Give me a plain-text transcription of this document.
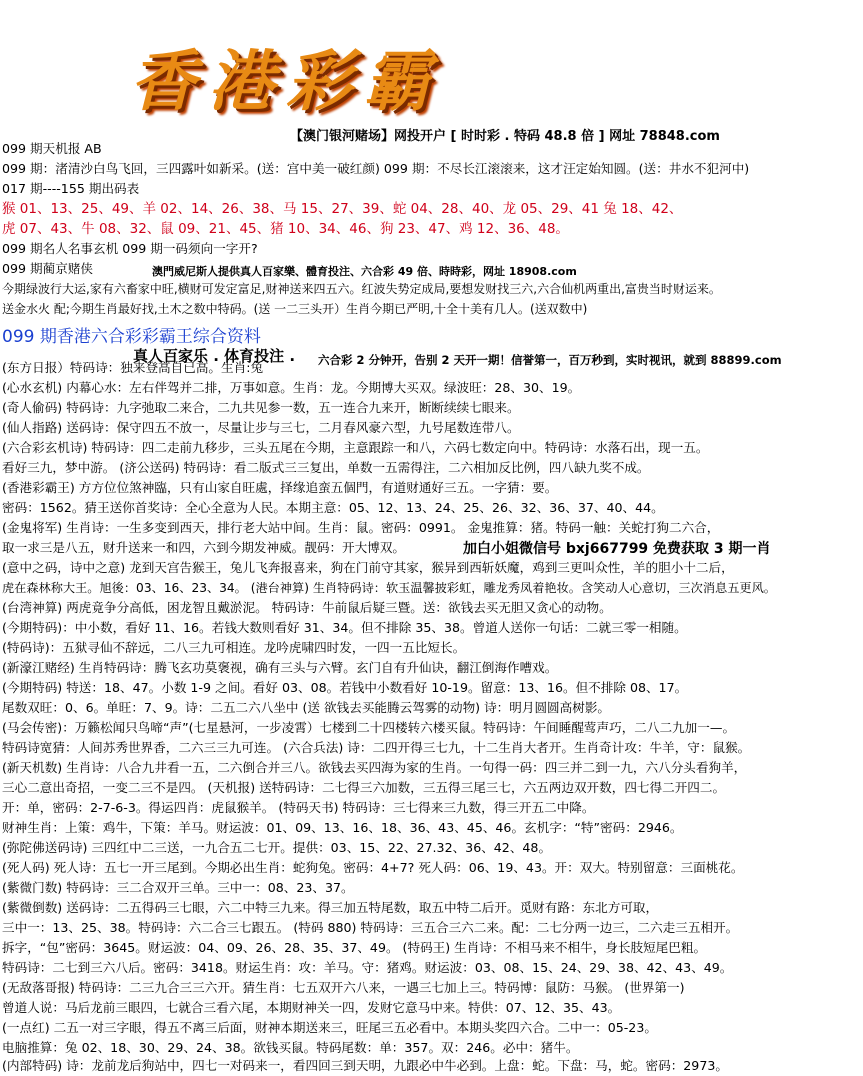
香 港 彩 霸
【澳门银河赌场】网投开户 [ 时时彩 . 特码 48.8 倍 ] 网址 78848.com
099 期天机报 AB
099 期：渚清沙白鸟飞回，三四露叶如新采。(送：宫中美一破红颜) 099 期：不尽长江滚滚来，这才汪定始知圆。(送：井水不犯河中)
017 期----155 期出码表
猴 01、13、25、49、羊 02、14、26、38、马 15、27、39、蛇 04、28、40、龙 05、29、41 兔 18、42、
虎 07、43、牛 08、32、鼠 09、21、45、猪 10、34、46、狗 23、47、鸡 12、36、48。
099 期名人名事玄机 099 期一码须向一字开?
099 期蔺京赌侠	澳門威尼斯人提供真人百家樂、體育投注、六合彩 49 倍、時時彩，网址 18908.com
今期绿波行大运,家有六畜家中旺,横财可发定富足,财神送来四五六。红波失势定成局,要想发财找三六,六合仙机两重出,富贵当时财运来。
送金水火 配;今期生肖最好找,土木之数中特码。(送 一二三头开）生肖今期已严明,十全十美有几人。(送双数中)
099 期香港六合彩彩霸王综合资料
真人百家乐 . 体育投注 . 六合彩 2 分钟开，告别 2 天开一期！信誉第一，百万秒到，实时视讯，就到 88899.com
(东方日报）特码诗：独来登高自已高。生肖:兔
(心水玄机) 内幕心水：左右伴驾并二排，万事如意。生肖：龙。今期博大买双。绿波旺：28、30、19。
(奇人偷码) 特码诗：九字弛取二来合，二九共见参一数，五一连合九来开，断断续续七眼来。
(仙人指路) 送码诗：保守四五不放一，尽量让步与三七，二月春风豪六型，九号尾数连带八。
(六合彩玄机诗) 特码诗：四二走前九移步，三头五尾在今期，主意跟踪一和八，六码七数定向中。特码诗：水落石出，现一五。
看好三九，梦中游。 (济公送码) 特码诗：看二版式三三复出，单数一五需得注，二六相加反比例，四八缺九奖不成。
(香港彩霸王) 方方位位煞神臨，只有山家自旺處，择缘追蛮五個門，有道财通好三五。一字猜：要。
密码：1562。猜王送你首奖诗：全心全意为人民。本期主意：05、12、13、24、25、26、32、36、37、40、44。
(金鬼将军) 生肖诗：一生多变到西天，排行老大站中间。生肖：鼠。密码：0991。 金鬼推算：猪。特码一触：关蛇打狗二六合，
取一求三是八五，财升送来一和四，六到今期发神威。靓码：开大博双。	加白小姐微信号 bxj667799 免费获取 3 期一肖
(意中之码，诗中之意) 龙到天宫告猴王，兔儿飞奔报喜来，狗在门前守其家，猴异到西斩妖魔，鸡到三更叫众性，羊的胆小十二后，
虎在森林称大王。旭後：03、16、23、34。 (港台神算) 生肖特码诗：软玉温馨披彩虹，雕龙秀凤着艳妆。含笑动人心意切，三次消息五更风。
(台湾神算) 两虎竟争分高低，困龙智且戴淤泥。 特码诗：牛前鼠后疑三暨。送：欲钱去买无胆又贪心的动物。
(今期特码)：中小数，看好 11、16。若钱大数则看好 31、34。但不排除 35、38。曾道人送你一句话：二就三零一相随。
(特码诗)：五狱寻仙不辞远，二八三九可相连。龙吟虎啸四时发，一四一五比短长。
(新濠江赌经) 生肖特码诗：腾飞玄功莫褒视，确有三头与六臂。玄门自有升仙诀，翻江倒海作嘈戏。
(今期特码) 特送：18、47。小数 1-9 之间。看好 03、08。若钱中小数看好 10-19。留意：13、16。但不排除 08、17。
尾数双旺：0、6。单旺：7、9。诗：二五二六八坐中 (送 欲钱去买能腾云驾雾的动物) 诗：明月圆圆高树影。
(马会传密)：万籁松闻只鸟啼“声”(七星悬河，一步凌霄）七楼到二十四楼转六楼买鼠。特码诗：午间睡醒莺声巧，二八二九加一—。
特码诗宽猜：人间苏秀世界香，二六三三九可连。 (六合兵法) 诗：二四开得三七九，十二生肖大者开。生肖奇计攻：牛羊，守：鼠猴。
(新天机数) 生肖诗：八合九井看一五，二六倒合并三八。欲钱去买四海为家的生肖。一句得一码：四三并二到一九，六八分头看狗羊，
三心二意出奇招，一变二三不是四。 (天机报) 送特码诗：二七得三六加数，三五得三尾三七，六五两边双开数，四七得二开四二。
开：单，密码：2-7-6-3。得运四肖：虎鼠猴羊。 (特码天书) 特码诗：三七得来三九数，得三开五二中降。
财神生肖：上策：鸡牛，下策：羊马。财运波：01、09、13、16、18、36、43、45、46。玄机字：“特”密码：2946。
(弥陀佛送码诗) 三四红中二三送，一九合五二七开。提供：03、15、22、27.32、36、42、48。
(死人码) 死人诗：五七一开三尾到。今期必出生肖：蛇狗兔。密码：4+7? 死人码：06、19、43。开：双大。特别留意：三面桃花。
(紫微门数) 特码诗：三二合双开三单。三中一：08、23、37。
(紫微倒数) 送码诗：二五得码三七眼，六二中特三九来。得三加五特尾数，取五中特二后开。觅财有路：东北方可取，
三中一：13、25、38。特码诗：六二合三七跟五。 (特码 880) 特码诗：三五合三六二来。配：二七分两一边三，二六走三五相开。
拆字，“包”密码：3645。财运波：04、09、26、28、35、37、49。 (特码王) 生肖诗：不相马来不相牛，身长肢短尾巴粗。
特码诗：二七到三六八后。密码：3418。财运生肖：攻：羊马。守：猪鸡。财运波：03、08、15、24、29、38、42、43、49。
(无敌落哥报) 特码诗：二三九合三三六开。猜生肖：七五双开六八来，一遇三七加上三。特码博：鼠防：马猴。 (世界第一)
曾道人说：马后龙前三眼四，七就合三看六尾，本期财神关一四，发财它意马中来。特供：07、12、35、43。
(一点红) 二五一对三字眼，得五不离三后面，财神本期送来三，旺尾三五必看中。本期头奖四六合。二中一：05-23。
电脑推算：兔 02、18、30、29、24、38。欲钱买鼠。特码尾数：单：357。双：246。必中：猪牛。
(内部特码) 诗：龙前龙后狗站中，四七一对码来一，看四回三到天明，九跟必中牛必到。上盘：蛇。下盘：马，蛇。密码：2973。
